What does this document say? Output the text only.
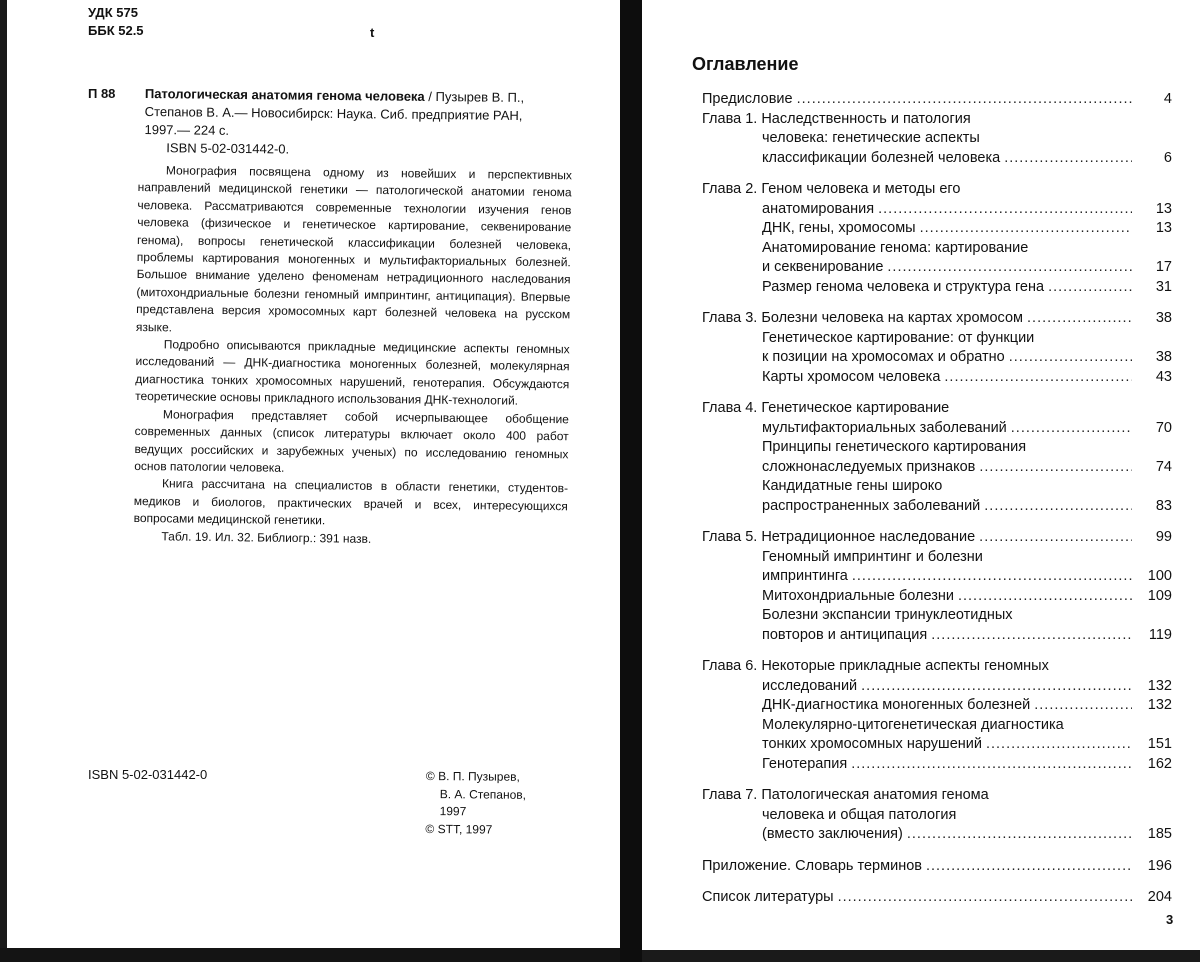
УДК 575
ББК 52.5	t
П 88 Патологическая анатомия генома человека / Пузырев В. П.,
Степанов В. А.— Новосибирск: Наука. Сиб. предприятие РАН,
1997.— 224 с.
ISBN 5-02-031442-0.

Монография посвящена одному из новейших и перспективных направлений медицинской генетики — патологической анатомии генома человека. Рассматриваются современные технологии изучения генов человека (физическое и генетическое картирование, секвенирование генома), вопросы генетической классификации болезней человека, проблемы картирования моногенных и мультифакториальных болезней. Большое внимание уделено феноменам нетрадиционного наследования (митохондриальные болезни геномный импринтинг, антиципация). Впервые представлена версия хромосомных карт болезней человека на русском языке.

Подробно описываются прикладные медицинские аспекты геномных исследований — ДНК-диагностика моногенных болезней, молекулярная диагностика тонких хромосомных нарушений, генотерапия. Обсуждаются теоретические основы прикладного использования ДНК-технологий.

Монография представляет собой исчерпывающее обобщение современных данных (список литературы включает около 400 работ ведущих российских и зарубежных ученых) по исследованию геномных основ патологии человека.

Книга рассчитана на специалистов в области генетики, студентов-медиков и биологов, практических врачей и всех, интересующихся вопросами медицинской генетики.

Табл. 19. Ил. 32. Библиогр.: 391 назв.

ISBN 5-02-031442-0	© В. П. Пузырев,
В. А. Степанов,
1997
© STT, 1997
Оглавление
Предисловие .....	4
Глава 1. Наследственность и патология
человека: генетические аспекты
классификации болезней человека .....	6
Глава 2. Геном человека и методы его
анатомирования .....	13
ДНК, гены, хромосомы .....	13
Анатомирование генома: картирование
и секвенирование .....	17
Размер генома человека и структура гена .....	31
Глава 3. Болезни человека на картах хромосом .....	38
Генетическое картирование: от функции
к позиции на хромосомах и обратно .....	38
Карты хромосом человека .....	43
Глава 4. Генетическое картирование
мультифакториальных заболеваний .....	70
Принципы генетического картирования
сложнонаследуемых признаков .....	74
Кандидатные гены широко
распространенных заболеваний .....	83
Глава 5. Нетрадиционное наследование .....	99
Геномный импринтинг и болезни
импринтинга .....	100
Митохондриальные болезни .....	109
Болезни экспансии тринуклеотидных
повторов и антиципация .....	119
Глава 6. Некоторые прикладные аспекты геномных
исследований .....	132
ДНК-диагностика моногенных болезней .....	132
Молекулярно-цитогенетическая диагностика
тонких хромосомных нарушений .....	151
Генотерапия .....	162
Глава 7. Патологическая анатомия генома
человека и общая патология
(вместо заключения) .....	185
Приложение. Словарь терминов .....	196
Список литературы .....	204
3
